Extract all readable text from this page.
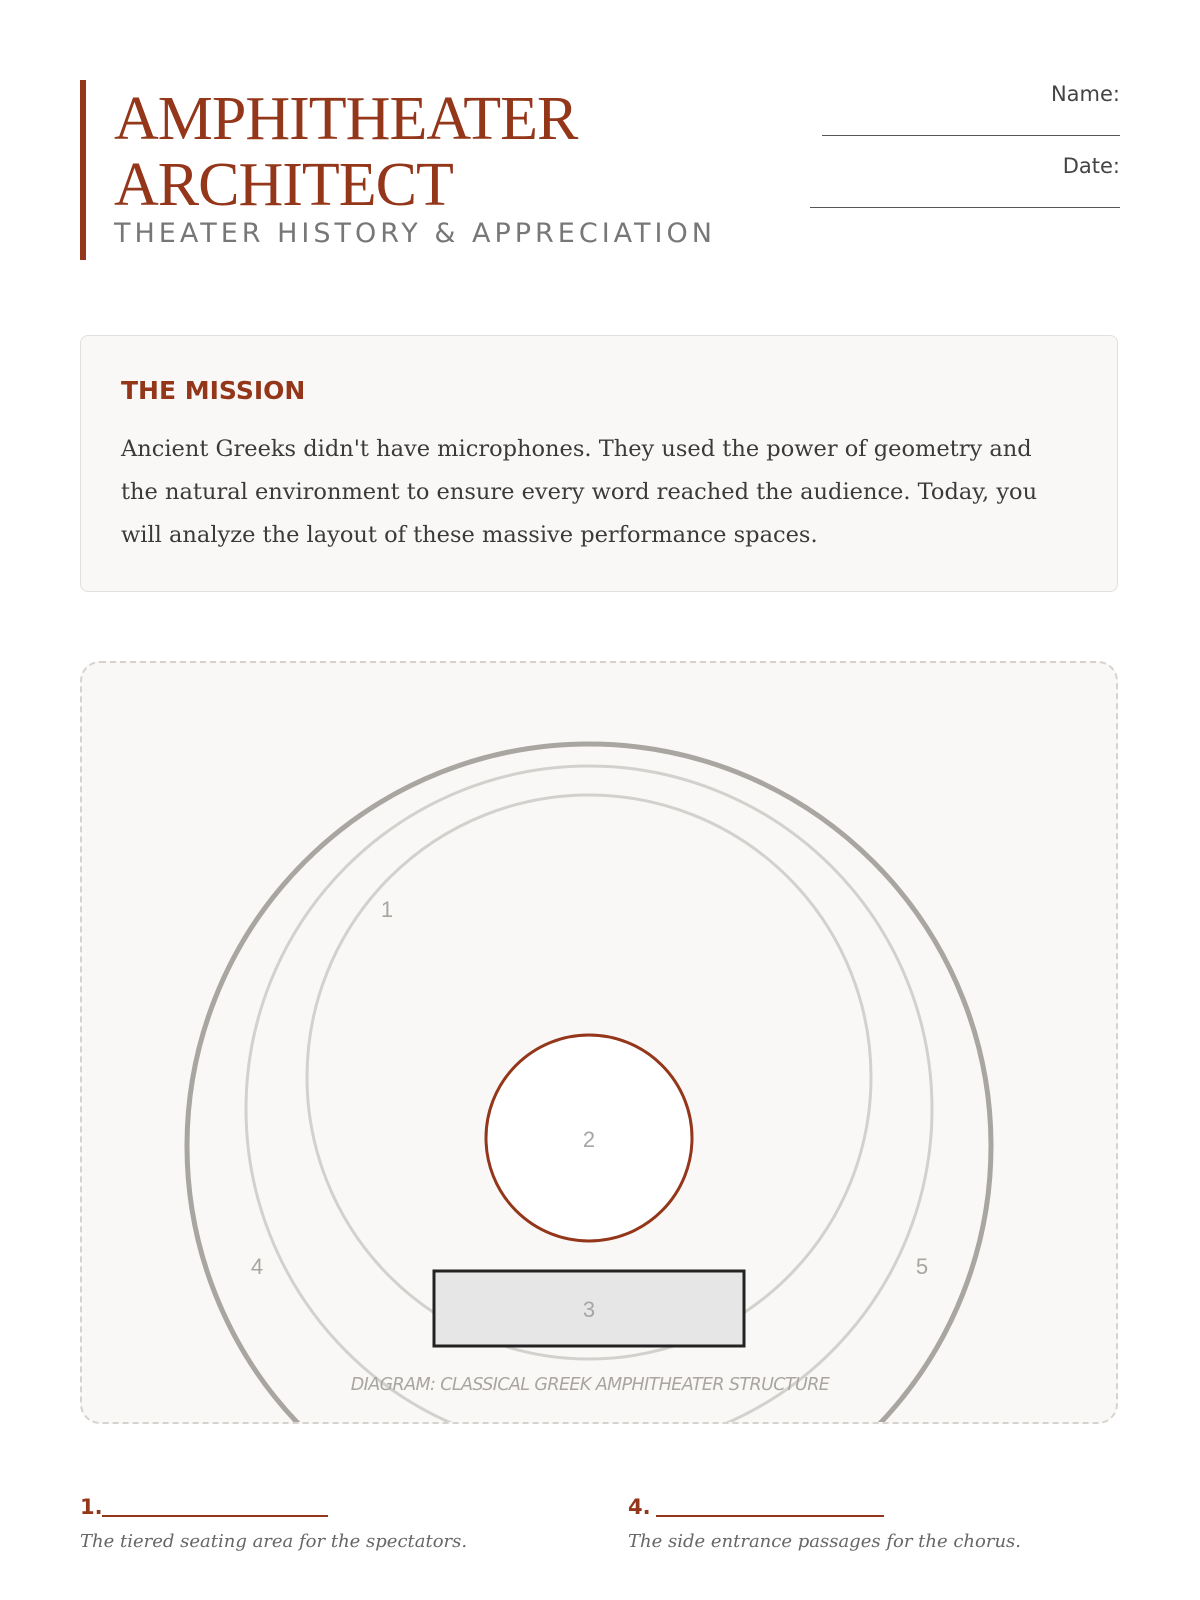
AMPHITHEATER
ARCHITECT

THEATER HISTORY & APPRECIATION

Name:
Date:
THE MISSION

Ancient Greeks didn't have microphones. They used the power of geometry and the natural environment to ensure every word reached the audience. Today, you will analyze the layout of these massive performance spaces.

1
2
3
4	5
DIAGRAM: CLASSICAL GREEK AMPHITHEATER STRUCTURE
1.
The tiered seating area for the spectators.
4.
The side entrance passages for the chorus.
